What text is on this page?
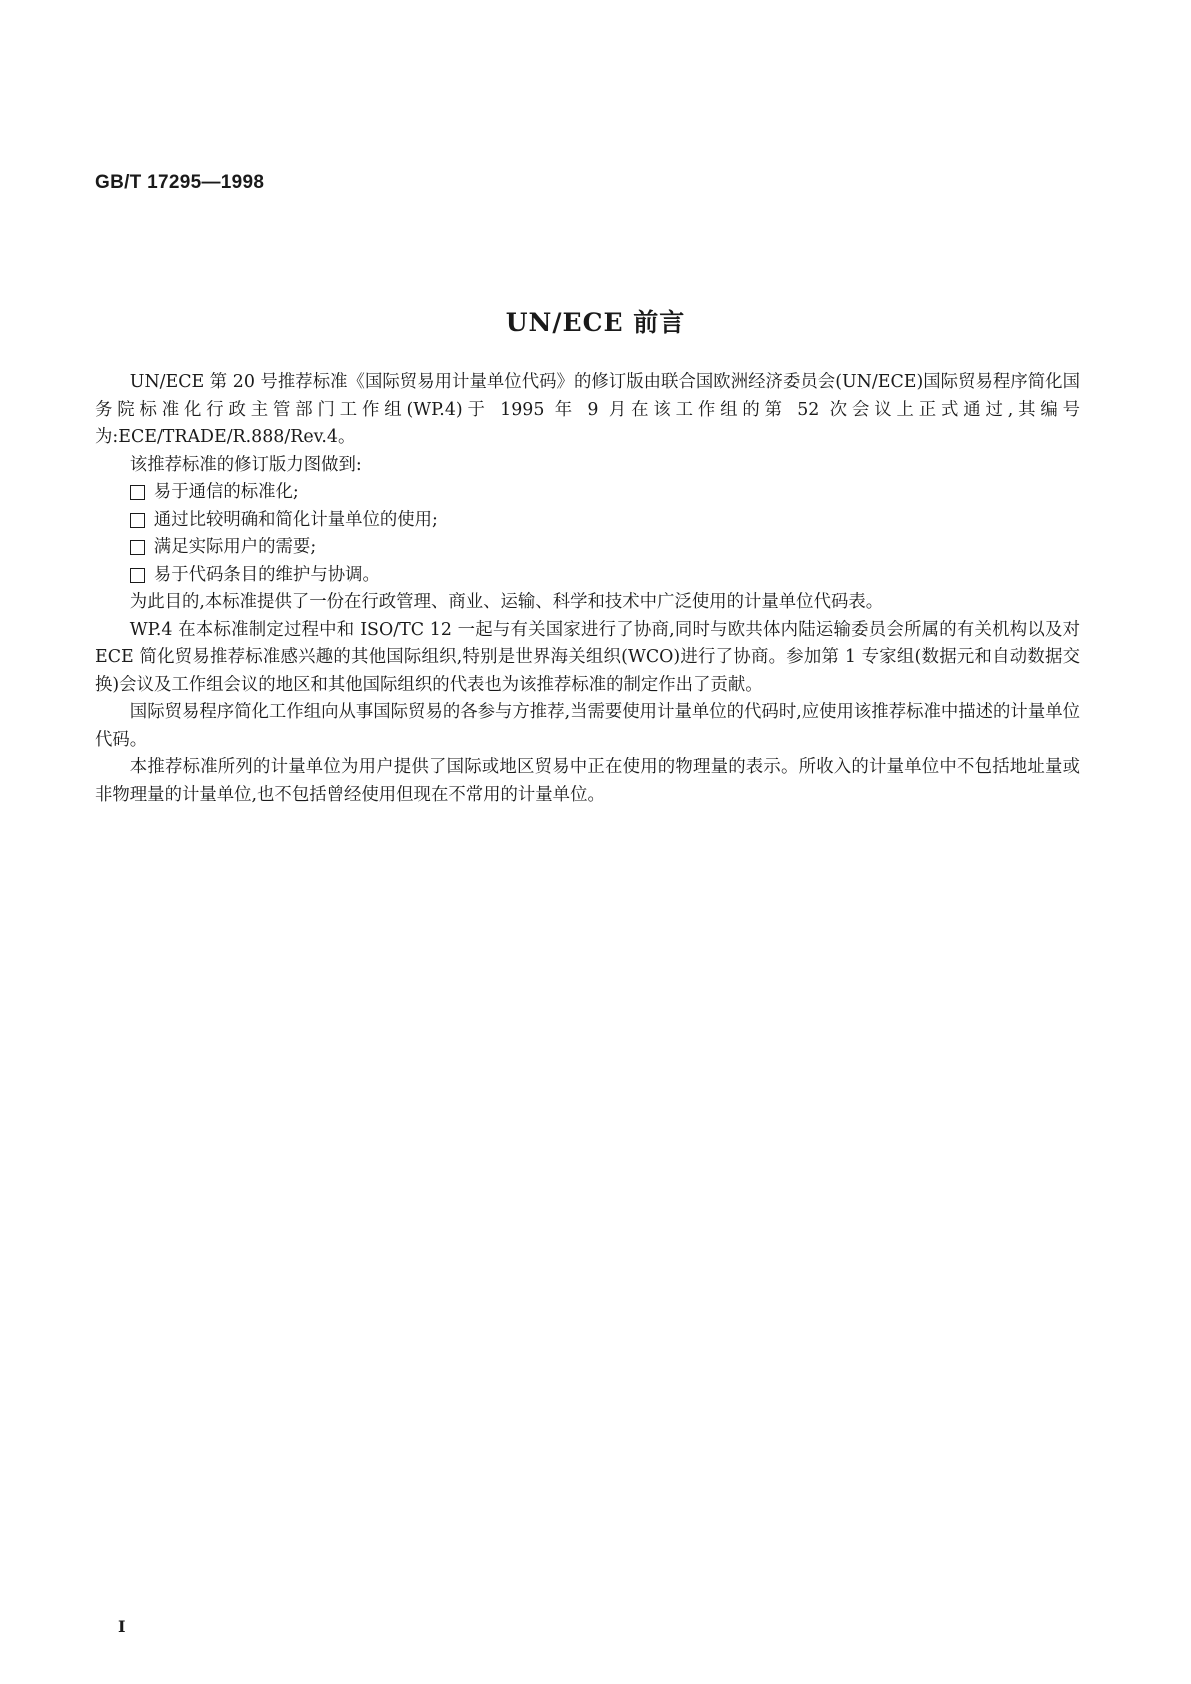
GB/T 17295—1998
UN/ECE 前言

UN/ECE 第 20 号推荐标准《国际贸易用计量单位代码》的修订版由联合国欧洲经济委员会(UN/ECE)国际贸易程序简化国务院标准化行政主管部门工作组(WP.4)于 1995 年 9 月在该工作组的第 52 次会议上正式通过,其编号为:ECE/TRADE/R.888/Rev.4。

该推荐标准的修订版力图做到:

易于通信的标准化;
通过比较明确和简化计量单位的使用;
满足实际用户的需要;
易于代码条目的维护与协调。

为此目的,本标准提供了一份在行政管理、商业、运输、科学和技术中广泛使用的计量单位代码表。

WP.4 在本标准制定过程中和 ISO/TC 12 一起与有关国家进行了协商,同时与欧共体内陆运输委员会所属的有关机构以及对 ECE 简化贸易推荐标准感兴趣的其他国际组织,特别是世界海关组织(WCO)进行了协商。参加第 1 专家组(数据元和自动数据交换)会议及工作组会议的地区和其他国际组织的代表也为该推荐标准的制定作出了贡献。

国际贸易程序简化工作组向从事国际贸易的各参与方推荐,当需要使用计量单位的代码时,应使用该推荐标准中描述的计量单位代码。

本推荐标准所列的计量单位为用户提供了国际或地区贸易中正在使用的物理量的表示。所收入的计量单位中不包括地址量或非物理量的计量单位,也不包括曾经使用但现在不常用的计量单位。

I
